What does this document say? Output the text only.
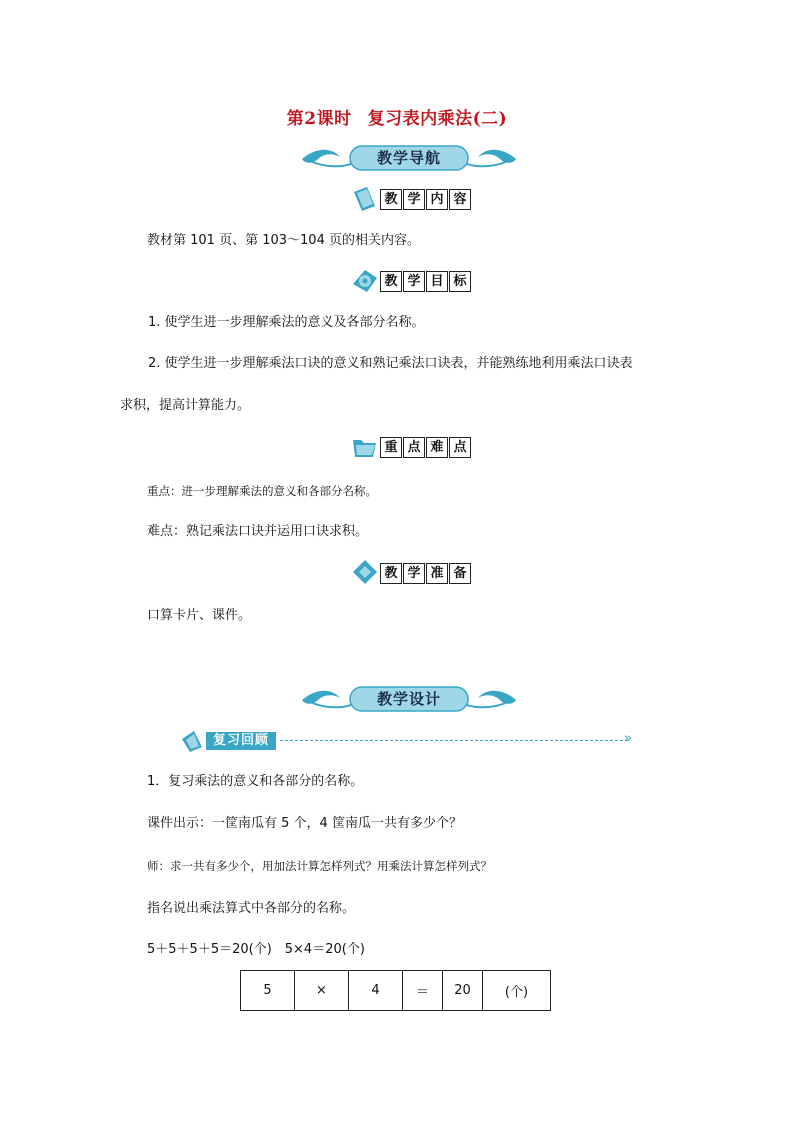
第2课时 复习表内乘法(二)
教学导航
教 学 内 容
教材第 101 页、第 103～104 页的相关内容。
教 学 目 标
1. 使学生进一步理解乘法的意义及各部分名称。
2. 使学生进一步理解乘法口诀的意义和熟记乘法口诀表，并能熟练地利用乘法口诀表
求积，提高计算能力。
重 点 难 点
重点：进一步理解乘法的意义和各部分名称。
难点：熟记乘法口诀并运用口诀求积。
教 学 准 备
口算卡片、课件。
教学设计
复习回顾	»
1．复习乘法的意义和各部分的名称。
课件出示：一筐南瓜有 5 个，4 筐南瓜一共有多少个？
师：求一共有多少个，用加法计算怎样列式？用乘法计算怎样列式？
指名说出乘法算式中各部分的名称。
5＋5＋5＋5＝20(个)　5×4＝20(个)
5	×	4	＝	20	(个)
